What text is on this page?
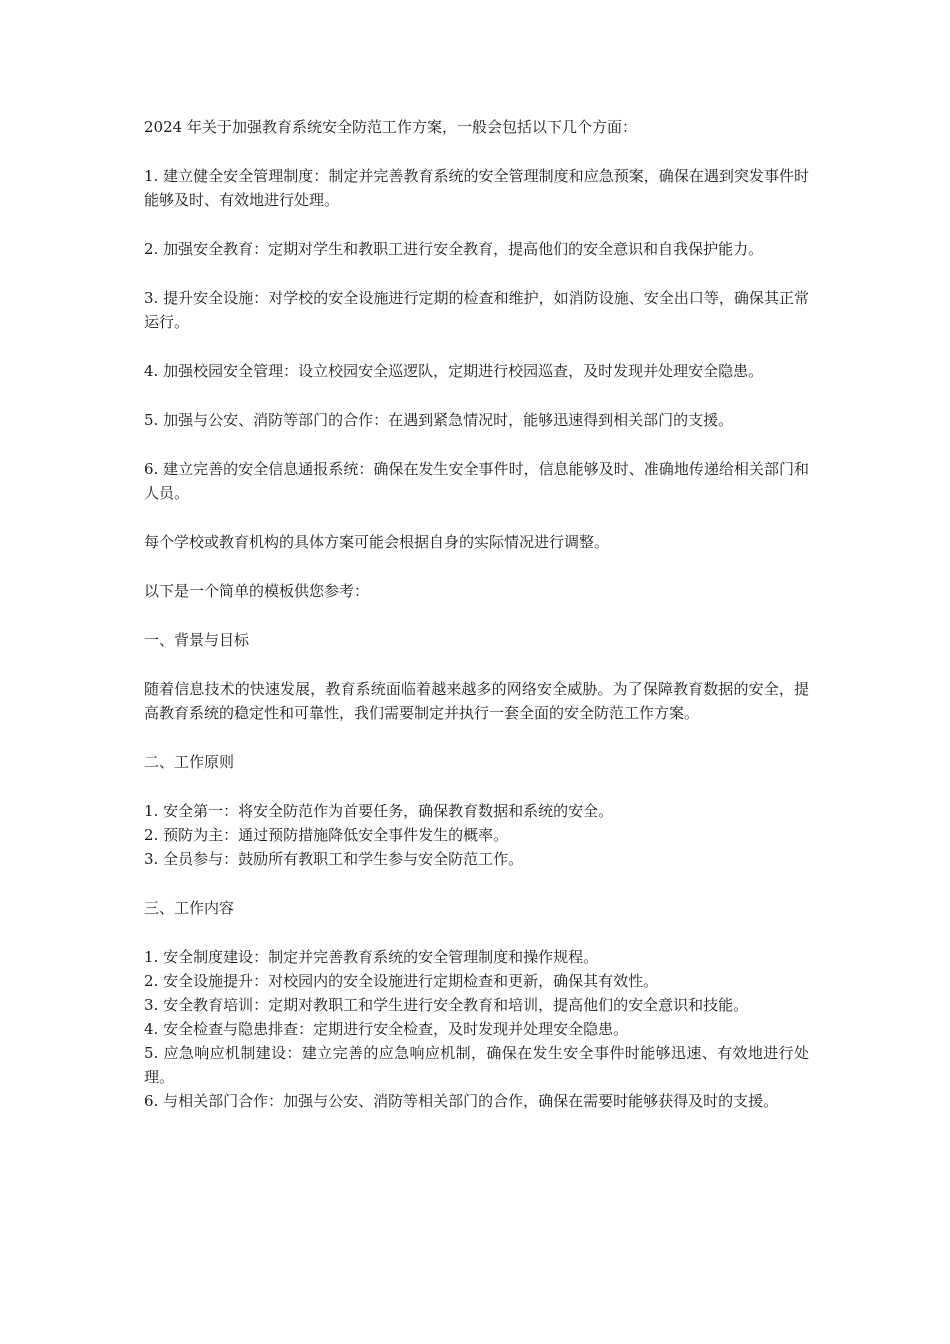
2024 年关于加强教育系统安全防范工作方案，一般会包括以下几个方面：

1. 建立健全安全管理制度：制定并完善教育系统的安全管理制度和应急预案，确保在遇到突发事件时能够及时、有效地进行处理。

2. 加强安全教育：定期对学生和教职工进行安全教育，提高他们的安全意识和自我保护能力。

3. 提升安全设施：对学校的安全设施进行定期的检查和维护，如消防设施、安全出口等，确保其正常运行。

4. 加强校园安全管理：设立校园安全巡逻队，定期进行校园巡查，及时发现并处理安全隐患。

5. 加强与公安、消防等部门的合作：在遇到紧急情况时，能够迅速得到相关部门的支援。

6. 建立完善的安全信息通报系统：确保在发生安全事件时，信息能够及时、准确地传递给相关部门和人员。

每个学校或教育机构的具体方案可能会根据自身的实际情况进行调整。

以下是一个简单的模板供您参考：

一、背景与目标

随着信息技术的快速发展，教育系统面临着越来越多的网络安全威胁。为了保障教育数据的安全，提高教育系统的稳定性和可靠性，我们需要制定并执行一套全面的安全防范工作方案。

二、工作原则

1. 安全第一：将安全防范作为首要任务，确保教育数据和系统的安全。
2. 预防为主：通过预防措施降低安全事件发生的概率。
3. 全员参与：鼓励所有教职工和学生参与安全防范工作。

三、工作内容

1. 安全制度建设：制定并完善教育系统的安全管理制度和操作规程。
2. 安全设施提升：对校园内的安全设施进行定期检查和更新，确保其有效性。
3. 安全教育培训：定期对教职工和学生进行安全教育和培训，提高他们的安全意识和技能。
4. 安全检查与隐患排查：定期进行安全检查，及时发现并处理安全隐患。
5. 应急响应机制建设：建立完善的应急响应机制，确保在发生安全事件时能够迅速、有效地进行处理。
6. 与相关部门合作：加强与公安、消防等相关部门的合作，确保在需要时能够获得及时的支援。
